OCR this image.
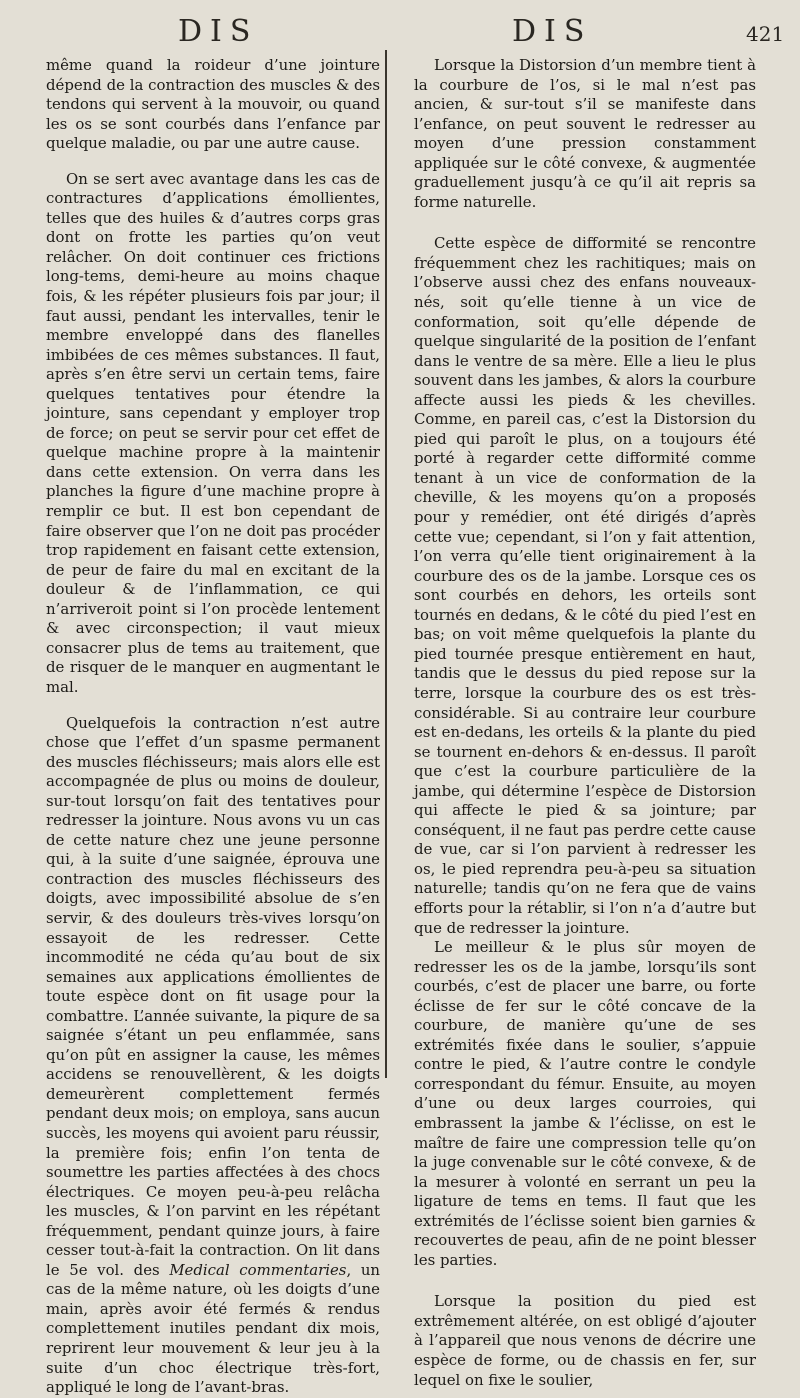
DIS	DIS	421

même quand la roideur d’une jointure dépend de la contraction des muscles & des tendons qui servent à la mouvoir, ou quand les os se sont courbés dans l’enfance par quelque maladie, ou par une autre cause.

On se sert avec avantage dans les cas de contractures d’applications émollientes, telles que des huiles & d’autres corps gras dont on frotte les parties qu’on veut relâcher. On doit continuer ces frictions long-tems, demi-heure au moins chaque fois, & les répéter plusieurs fois par jour; il faut aussi, pendant les intervalles, tenir le membre enveloppé dans des flanelles imbibées de ces mêmes substances. Il faut, après s’en être servi un certain tems, faire quelques tentatives pour étendre la jointure, sans cependant y employer trop de force; on peut se servir pour cet effet de quelque machine propre à la maintenir dans cette extension. On verra dans les planches la figure d’une machine propre à remplir ce but. Il est bon cependant de faire observer que l’on ne doit pas procéder trop rapidement en faisant cette extension, de peur de faire du mal en excitant de la douleur & de l’inflammation, ce qui n’arriveroit point si l’on procède lentement & avec circonspection; il vaut mieux consacrer plus de tems au traitement, que de risquer de le manquer en augmentant le mal.

Quelquefois la contraction n’est autre chose que l’effet d’un spasme permanent des muscles fléchisseurs; mais alors elle est accompagnée de plus ou moins de douleur, sur-tout lorsqu’on fait des tentatives pour redresser la jointure. Nous avons vu un cas de cette nature chez une jeune personne qui, à la suite d’une saignée, éprouva une contraction des muscles fléchisseurs des doigts, avec impossibilité absolue de s’en servir, & des douleurs très-vives lorsqu’on essayoit de les redresser. Cette incommodité ne céda qu’au bout de six semaines aux applications émollientes de toute espèce dont on fit usage pour la combattre. L’année suivante, la piqure de sa saignée s’étant un peu enflammée, sans qu’on pût en assigner la cause, les mêmes accidens se renouvellèrent, & les doigts demeurèrent complettement fermés pendant deux mois; on employa, sans aucun succès, les moyens qui avoient paru réussir, la première fois; enfin l’on tenta de soumettre les parties affectées à des chocs électriques. Ce moyen peu-à-peu relâcha les muscles, & l’on parvint en les répétant fréquemment, pendant quinze jours, à faire cesser tout-à-fait la contraction. On lit dans le 5e vol. des Medical commentaries, un cas de la même nature, où les doigts d’une main, après avoir été fermés & rendus complettement inutiles pendant dix mois, reprirent leur mouvement & leur jeu à la suite d’un choc électrique très-fort, appliqué le long de l’avant-bras.

Lorsque la Distorsion d’un membre tient à la courbure de l’os, si le mal n’est pas ancien, & sur-tout s’il se manifeste dans l’enfance, on peut souvent le redresser au moyen d’une pression constamment appliquée sur le côté convexe, & augmentée graduellement jusqu’à ce qu’il ait repris sa forme naturelle.

Cette espèce de difformité se rencontre fréquemment chez les rachitiques; mais on l’observe aussi chez des enfans nouveaux-nés, soit qu’elle tienne à un vice de conformation, soit qu’elle dépende de quelque singularité de la position de l’enfant dans le ventre de sa mère. Elle a lieu le plus souvent dans les jambes, & alors la courbure affecte aussi les pieds & les chevilles. Comme, en pareil cas, c’est la Distorsion du pied qui paroît le plus, on a toujours été porté à regarder cette difformité comme tenant à un vice de conformation de la cheville, & les moyens qu’on a proposés pour y remédier, ont été dirigés d’après cette vue; cependant, si l’on y fait attention, l’on verra qu’elle tient originairement à la courbure des os de la jambe. Lorsque ces os sont courbés en dehors, les orteils sont tournés en dedans, & le côté du pied l’est en bas; on voit même quelquefois la plante du pied tournée presque entièrement en haut, tandis que le dessus du pied repose sur la terre, lorsque la courbure des os est très-considérable. Si au contraire leur courbure est en-dedans, les orteils & la plante du pied se tournent en-dehors & en-dessus. Il paroît que c’est la courbure particulière de la jambe, qui détermine l’espèce de Distorsion qui affecte le pied & sa jointure; par conséquent, il ne faut pas perdre cette cause de vue, car si l’on parvient à redresser les os, le pied reprendra peu-à-peu sa situation naturelle; tandis qu’on ne fera que de vains efforts pour la rétablir, si l’on n’a d’autre but que de redresser la jointure.

Le meilleur & le plus sûr moyen de redresser les os de la jambe, lorsqu’ils sont courbés, c’est de placer une barre, ou forte éclisse de fer sur le côté concave de la courbure, de manière qu’une de ses extrémités fixée dans le soulier, s’appuie contre le pied, & l’autre contre le condyle correspondant du fémur. Ensuite, au moyen d’une ou deux larges courroies, qui embrassent la jambe & l’éclisse, on est le maître de faire une compression telle qu’on la juge convenable sur le côté convexe, & de la mesurer à volonté en serrant un peu la ligature de tems en tems. Il faut que les extrémités de l’éclisse soient bien garnies & recouvertes de peau, afin de ne point blesser les parties.

Lorsque la position du pied est extrêmement altérée, on est obligé d’ajouter à l’appareil que nous venons de décrire une espèce de forme, ou de chassis en fer, sur lequel on fixe le soulier,
